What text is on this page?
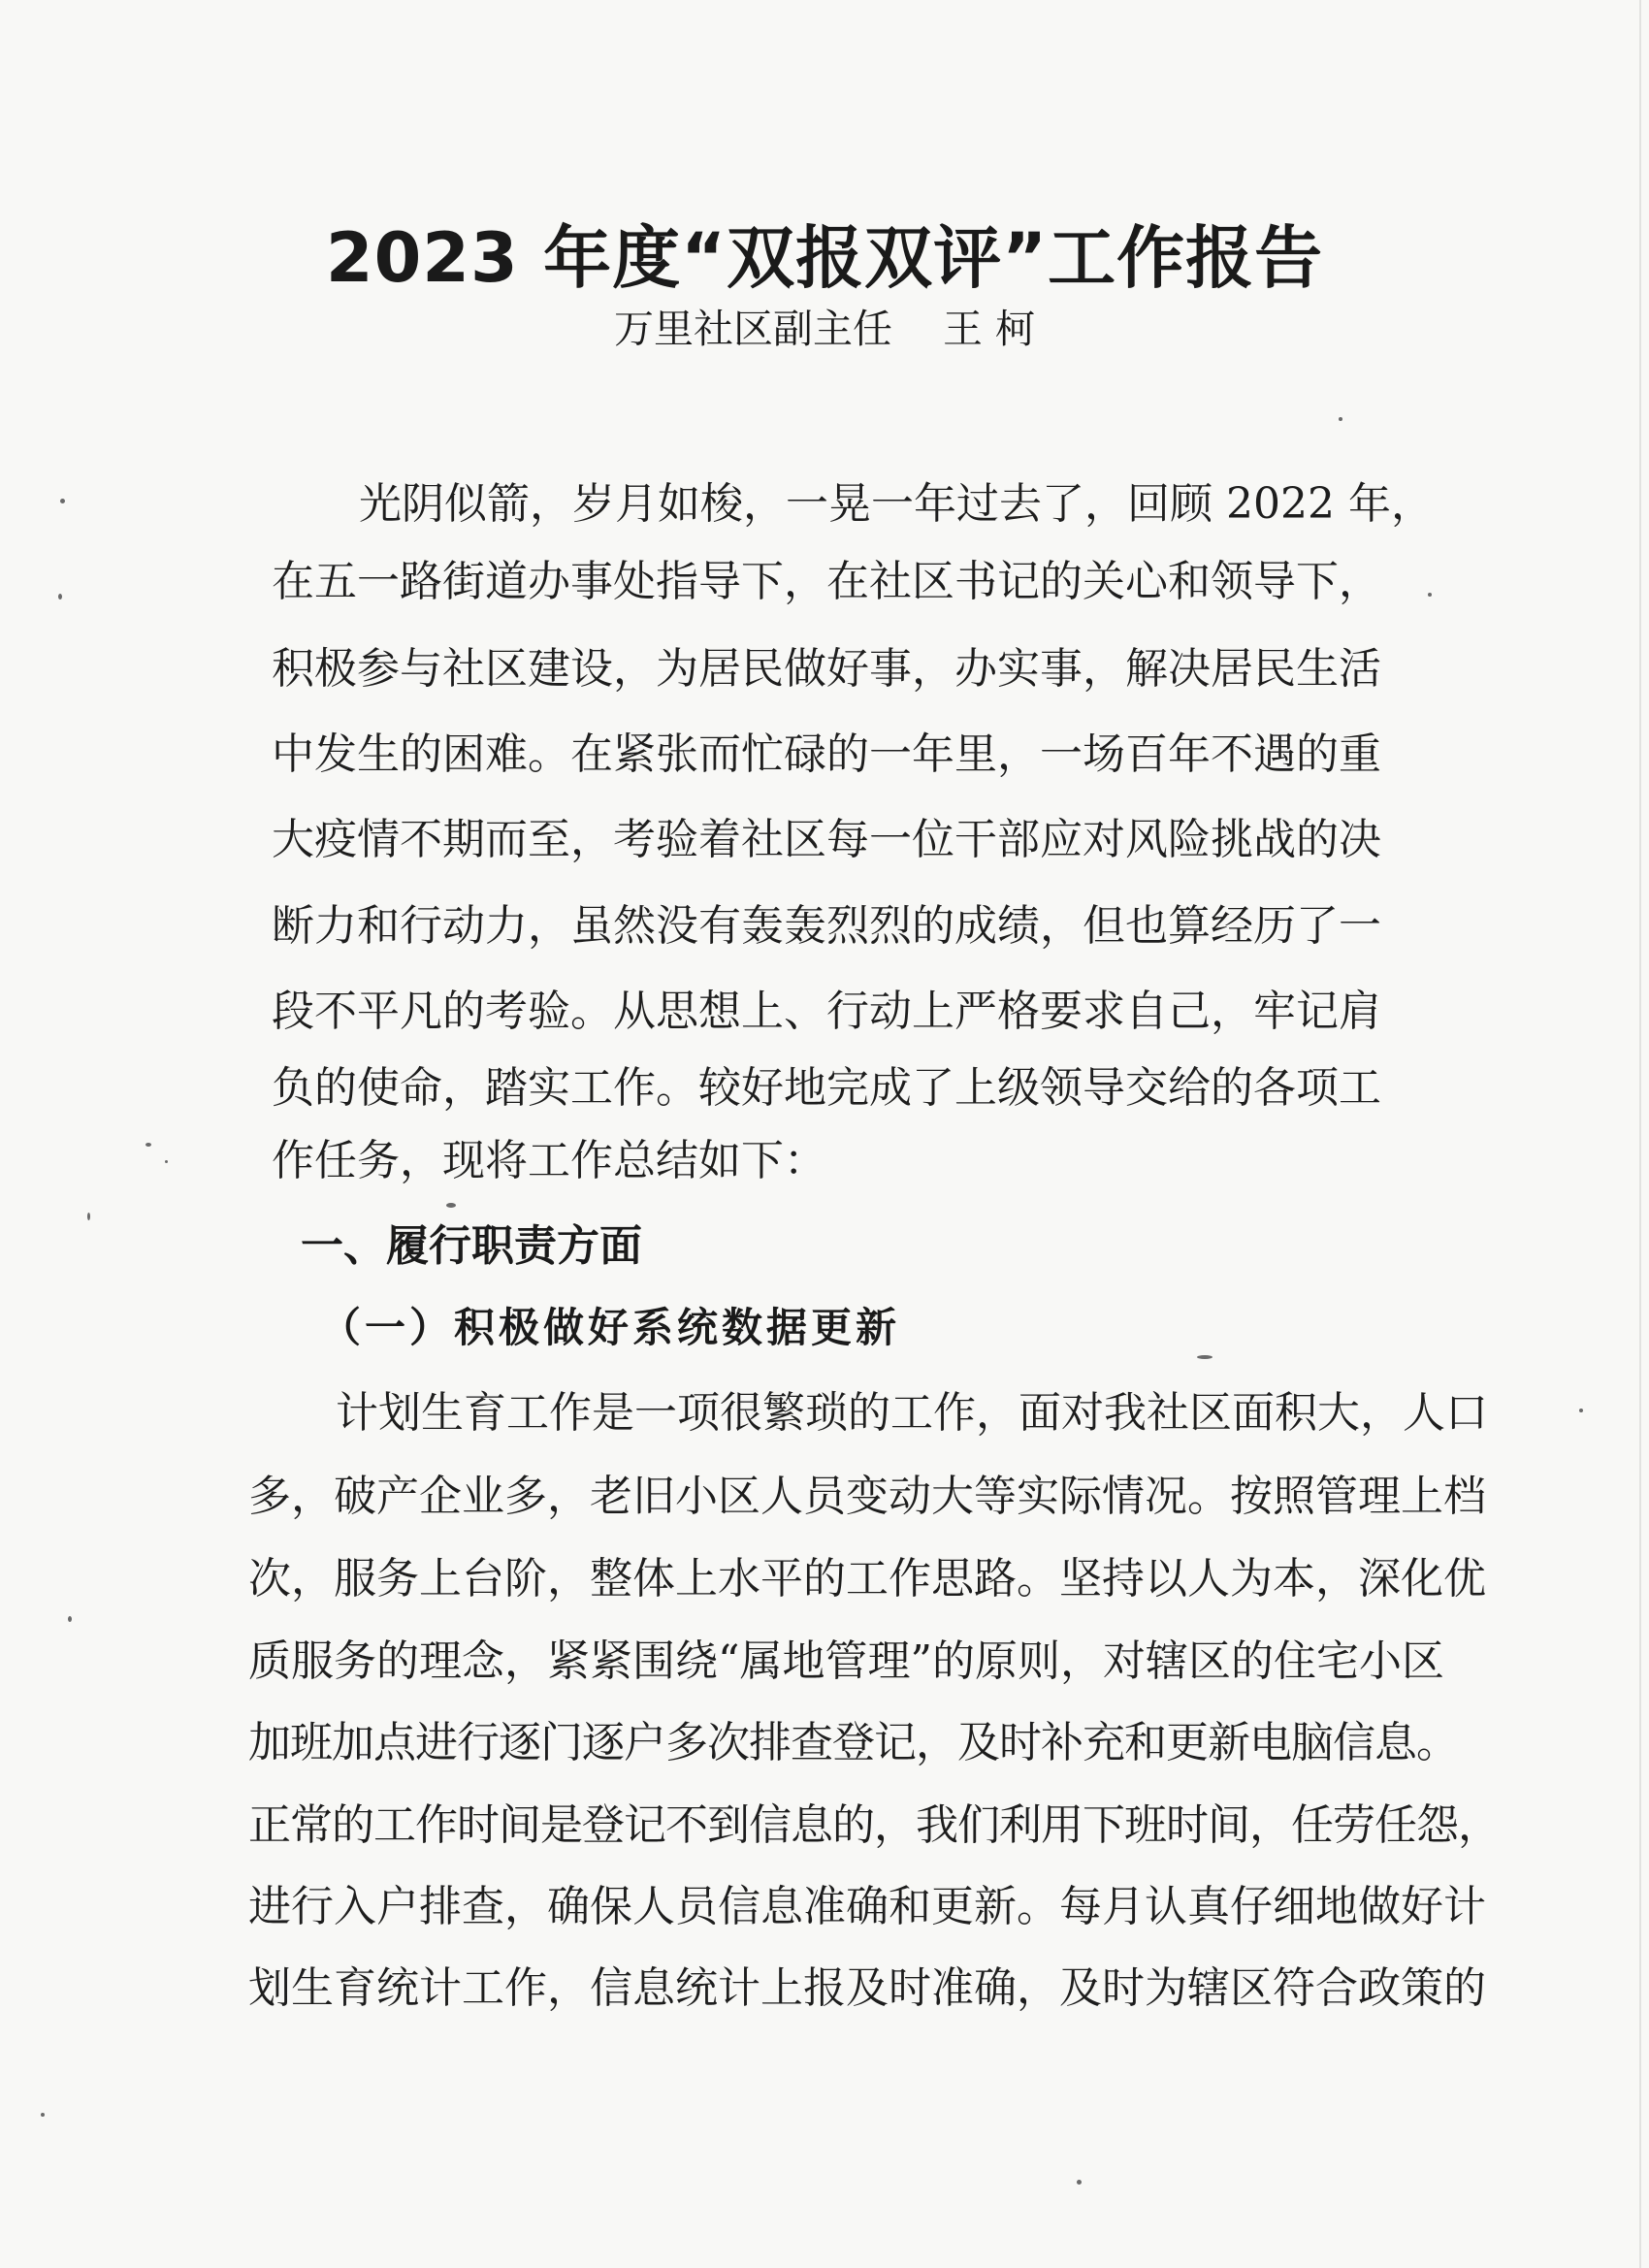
2023 年度“双报双评”工作报告
万里社区副主任 王 柯
光阴似箭，岁月如梭，一晃一年过去了，回顾 2022 年，
在五一路街道办事处指导下，在社区书记的关心和领导下，
积极参与社区建设，为居民做好事，办实事，解决居民生活
中发生的困难。在紧张而忙碌的一年里，一场百年不遇的重
大疫情不期而至，考验着社区每一位干部应对风险挑战的决
断力和行动力，虽然没有轰轰烈烈的成绩，但也算经历了一
段不平凡的考验。从思想上、行动上严格要求自己，牢记肩
负的使命，踏实工作。较好地完成了上级领导交给的各项工
作任务，现将工作总结如下：
一、履行职责方面
（一）积极做好系统数据更新
计划生育工作是一项很繁琐的工作，面对我社区面积大，人口
多，破产企业多，老旧小区人员变动大等实际情况。按照管理上档
次，服务上台阶，整体上水平的工作思路。坚持以人为本，深化优
质服务的理念，紧紧围绕“属地管理”的原则，对辖区的住宅小区
加班加点进行逐门逐户多次排查登记，及时补充和更新电脑信息。
正常的工作时间是登记不到信息的，我们利用下班时间，任劳任怨，
进行入户排查，确保人员信息准确和更新。每月认真仔细地做好计
划生育统计工作，信息统计上报及时准确，及时为辖区符合政策的
